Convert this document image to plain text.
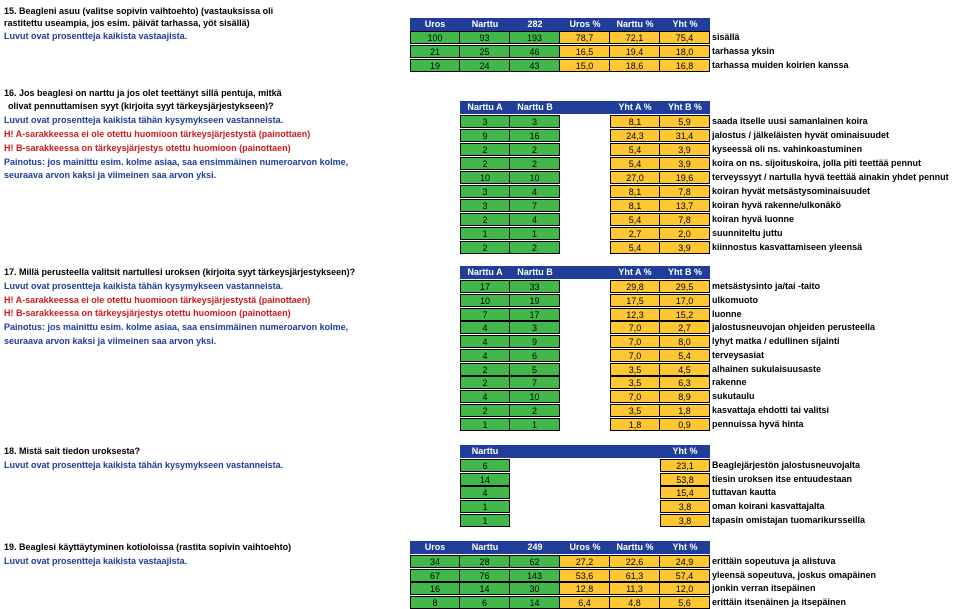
15. Beagleni asuu (valitse sopivin vaihtoehto) (vastauksissa oli
rastitettu useampia, jos esim. päivät tarhassa, yöt sisällä)
Luvut ovat prosentteja kaikista vastaajista.
Uros	Narttu	282	Uros %	Narttu %	Yht %
100	93	193	78,7	72,1	75,4	sisällä
21	25	46	16,5	19,4	18,0	tarhassa yksin
19	24	43	15,0	18,6	16,8	tarhassa muiden koirien kanssa
16. Jos beaglesi on narttu ja jos olet teettänyt sillä pentuja, mitkä
olivat pennuttamisen syyt (kirjoita syyt tärkeysjärjestykseen)?
Luvut ovat prosentteja kaikista tähän kysymykseen vastanneista.
H! A-sarakkeessa ei ole otettu huomioon tärkeysjärjestystä (painottaen)
H! B-sarakkeessa on tärkeysjärjestys otettu huomioon (painottaen)
Painotus: jos mainittu esim. kolme asiaa, saa ensimmäinen numeroarvon kolme,
seuraava arvon kaksi ja viimeinen saa arvon yksi.
Narttu A	Narttu B	Yht A %	Yht B %
3	3	8,1	5,9	saada itselle uusi samanlainen koira
9	16	24,3	31,4	jalostus / jälkeläisten hyvät ominaisuudet
2	2	5,4	3,9	kyseessä oli ns. vahinkoastuminen
2	2	5,4	3,9	koira on ns. sijoituskoira, jolla piti teettää pennut
10	10	27,0	19,6	terveyssyyt / nartulla hyvä teettää ainakin yhdet pennut
3	4	8,1	7,8	koiran hyvät metsästysominaisuudet
3	7	8,1	13,7	koiran hyvä rakenne/ulkonäkö
2	4	5,4	7,8	koiran hyvä luonne
1	1	2,7	2,0	suunniteltu juttu
2	2	5,4	3,9	kiinnostus kasvattamiseen yleensä
17. Millä perusteella valitsit nartullesi uroksen (kirjoita syyt tärkeysjärjestykseen)?
Luvut ovat prosentteja kaikista tähän kysymykseen vastanneista.
H! A-sarakkeessa ei ole otettu huomioon tärkeysjärjestystä (painottaen)
H! B-sarakkeessa on tärkeysjärjestys otettu huomioon (painottaen)
Painotus: jos mainittu esim. kolme asiaa, saa ensimmäinen numeroarvon kolme,
seuraava arvon kaksi ja viimeinen saa arvon yksi.
Narttu A	Narttu B	Yht A %	Yht B %
17	33	29,8	29,5	metsästysinto ja/tai -taito
10	19	17,5	17,0	ulkomuoto
7	17	12,3	15,2	luonne
4	3	7,0	2,7	jalostusneuvojan ohjeiden perusteella
4	9	7,0	8,0	lyhyt matka / edullinen sijainti
4	6	7,0	5,4	terveysasiat
2	5	3,5	4,5	alhainen sukulaisuusaste
2	7	3,5	6,3	rakenne
4	10	7,0	8,9	sukutaulu
2	2	3,5	1,8	kasvattaja ehdotti tai valitsi
1	1	1,8	0,9	pennuissa hyvä hinta
18. Mistä sait tiedon uroksesta?
Luvut ovat prosentteja kaikista tähän kysymykseen vastanneista.
Narttu	Yht %
6	23,1	Beaglejärjestön jalostusneuvojalta
14	53,8	tiesin uroksen itse entuudestaan
4	15,4	tuttavan kautta
1	3,8	oman koirani kasvattajalta
1	3,8	tapasin omistajan tuomarikursseilla
19. Beaglesi käyttäytyminen kotioloissa (rastita sopivin vaihtoehto)
Luvut ovat prosentteja kaikista vastaajista.
Uros	Narttu	249	Uros %	Narttu %	Yht %
34	28	62	27,2	22,6	24,9	erittäin sopeutuva ja alistuva
67	76	143	53,6	61,3	57,4	yleensä sopeutuva, joskus omapäinen
16	14	30	12,8	11,3	12,0	jonkin verran itsepäinen
8	6	14	6,4	4,8	5,6	erittäin itsenäinen ja itsepäinen
